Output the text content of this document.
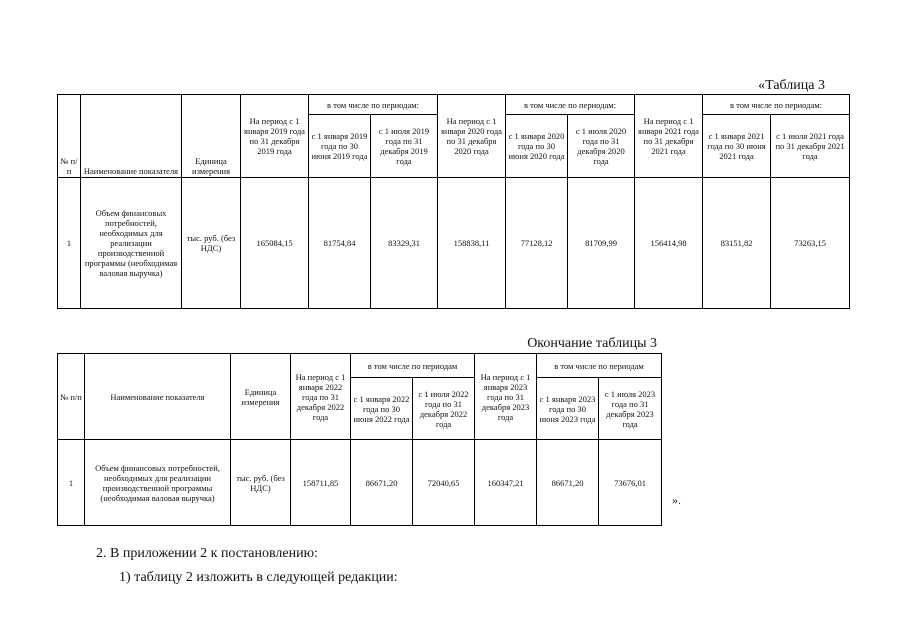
«Таблица 3
№ п/ п	Наименование показателя	Единица измерения	На период с 1 января 2019 года по 31 декабря 2019 года	в том числе по периодам:		На период с 1 января 2020 года по 31 декабря 2020 года	в том числе по периодам:		На период с 1 января 2021 года по 31 декабря 2021 года	в том числе по периодам:	
				с 1 января 2019 года по 30 июня 2019 года	с 1 июля 2019 года по 31 декабря 2019 года		с 1 января 2020 года по 30 июня 2020 года	с 1 июля 2020 года по 31 декабря 2020 года		с 1 января 2021 года по 30 июня 2021 года	с 1 июля 2021 года по 31 декабря 2021 года
1	Объем финансовых потребностей, необходимых для реализации производственной программы (необходимая валовая выручка)	тыс. руб. (без НДС)	165084,15	81754,84	83329,31	158838,11	77128,12	81709,99	156414,98	83151,82	73263,15
Окончание таблицы 3
№ п/п	Наименование показателя	Единица измерения	На период с 1 января 2022 года по 31 декабря 2022 года	в том числе по периодам		На период с 1 января 2023 года по 31 декабря 2023 года	в том числе по периодам	
				с 1 января 2022 года по 30 июня 2022 года	с 1 июля 2022 года по 31 декабря 2022 года		с 1 января 2023 года по 30 июня 2023 года	с 1 июля 2023 года по 31 декабря 2023 года
1	Объем финансовых потребностей, необходимых для реализации производственной программы (необходимая валовая выручка)	тыс. руб. (без НДС)	158711,85	86671,20	72040,65	160347,21	86671,20	73676,01
».
2. В приложении 2 к постановлению:
1) таблицу 2 изложить в следующей редакции:
